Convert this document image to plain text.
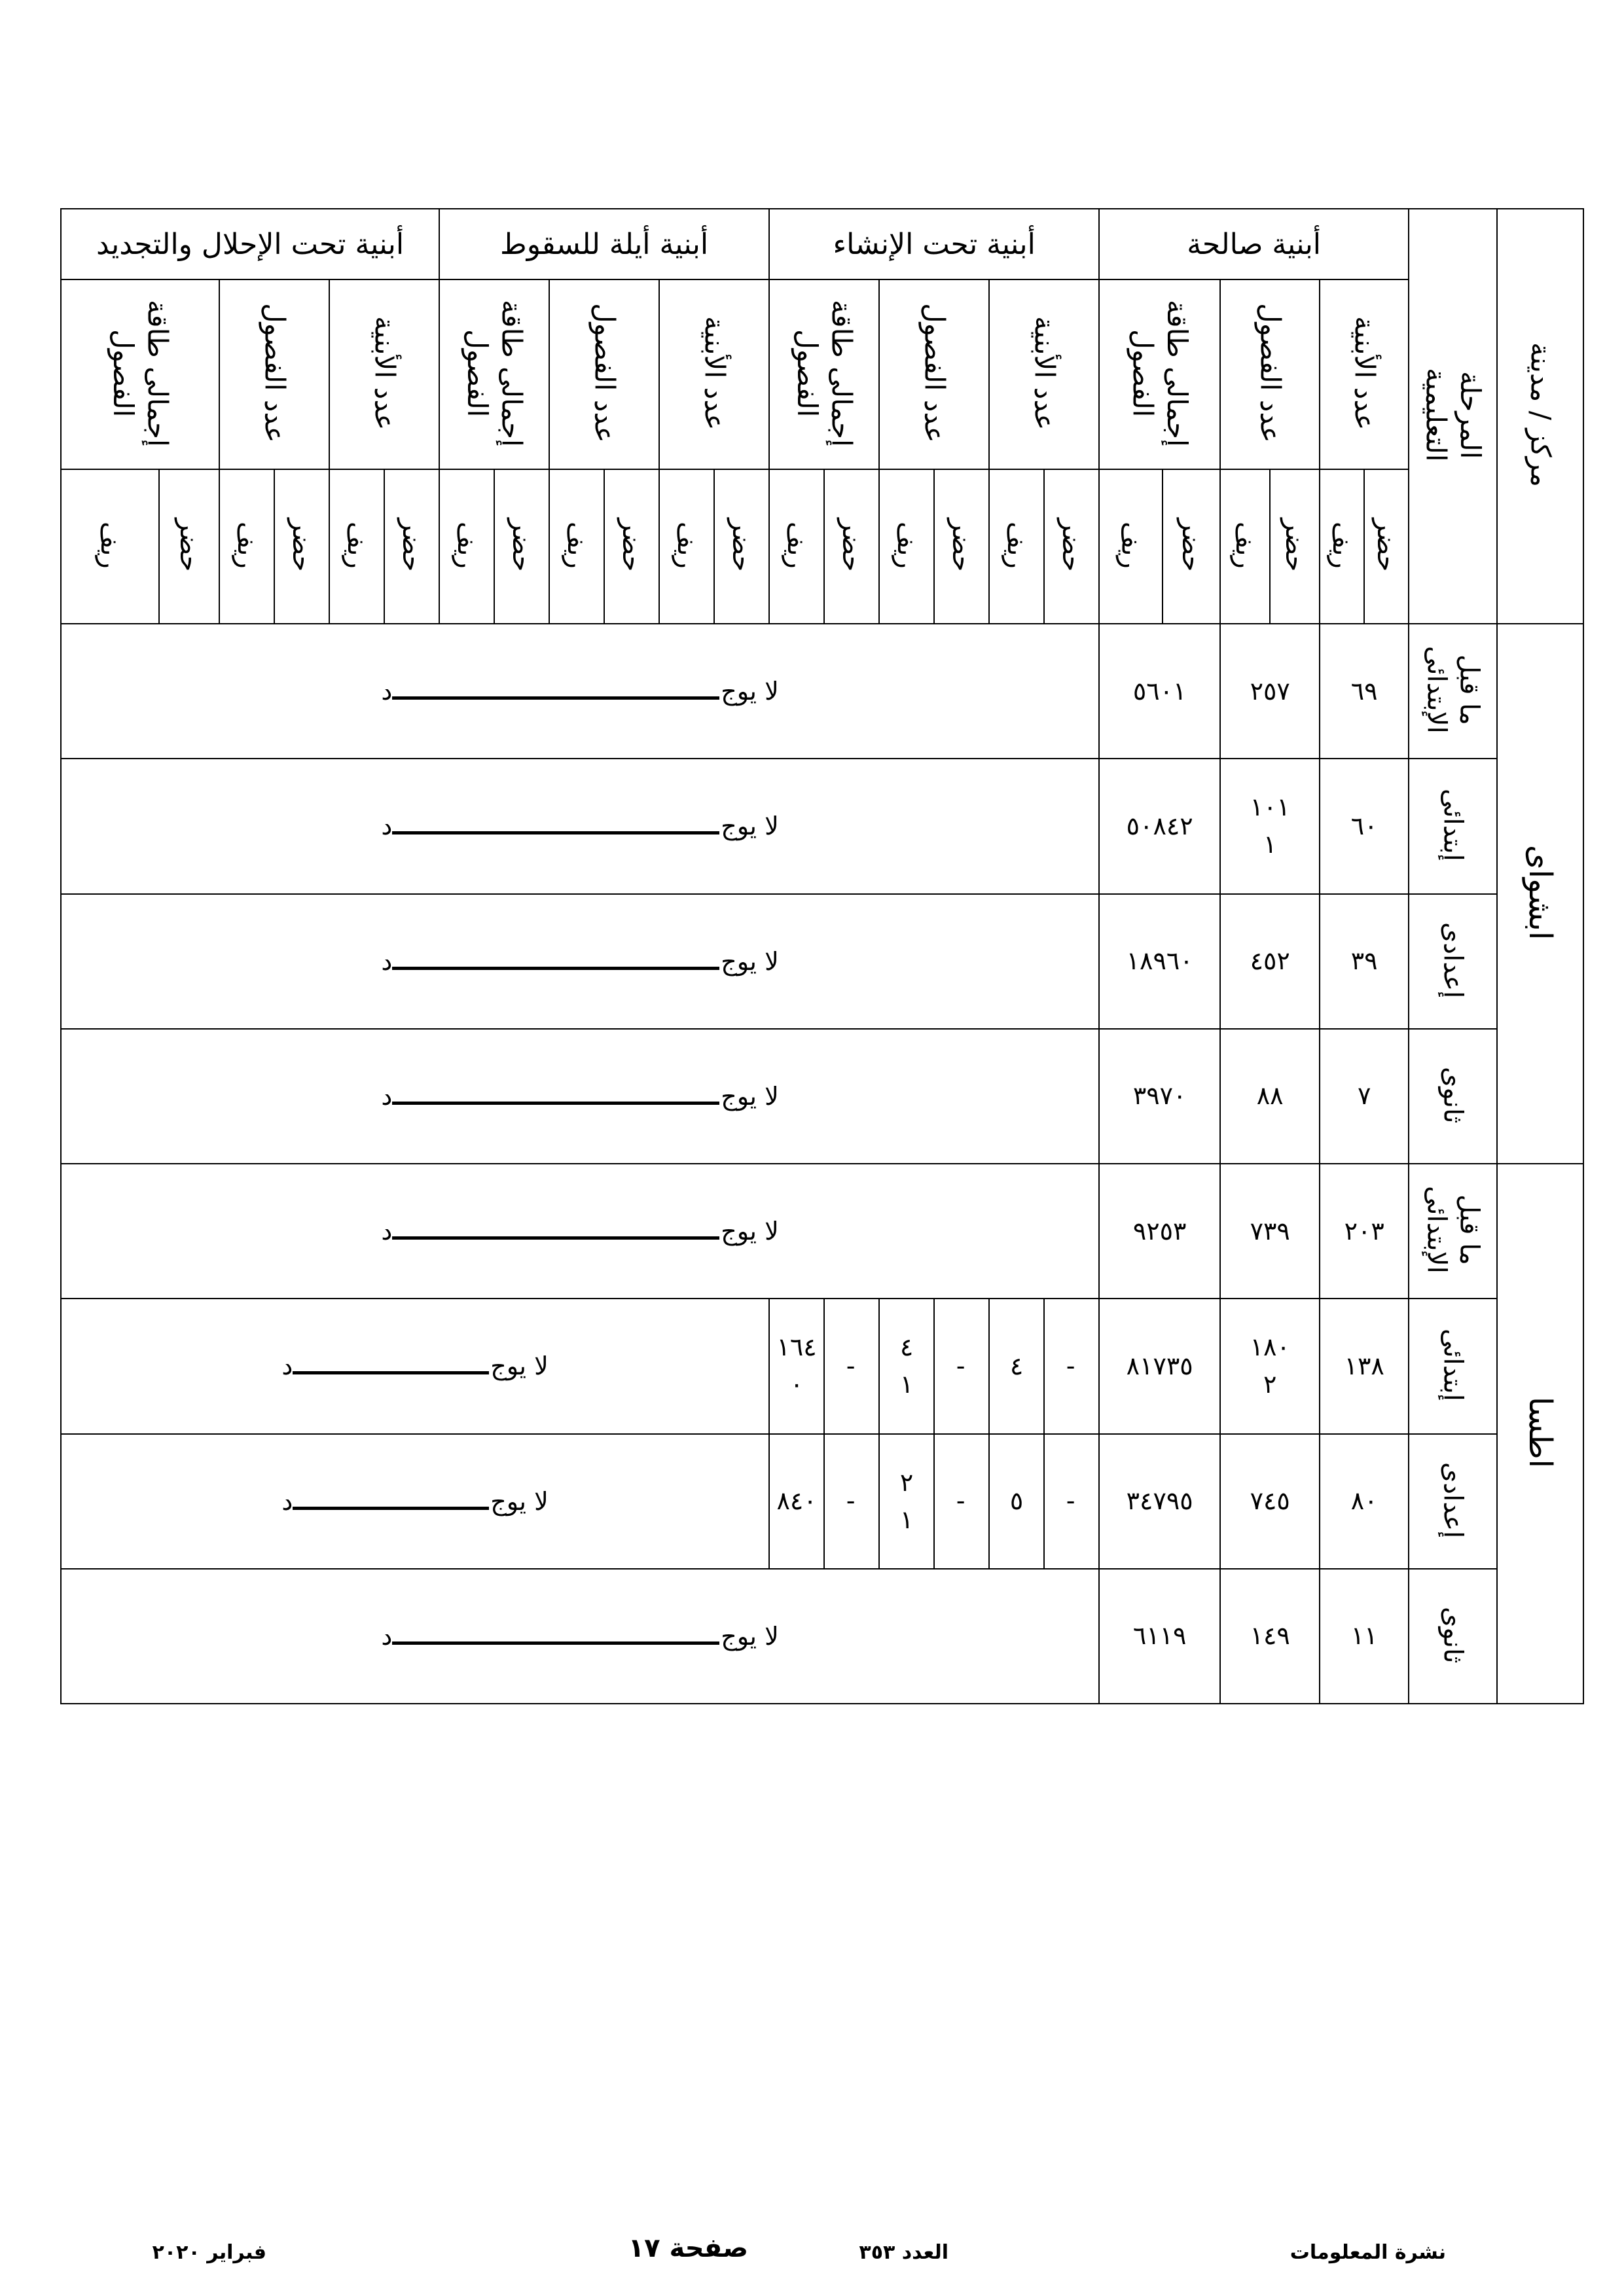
مركز / مدينة	المرحلة التعليمية	أبنية صالحة						أبنية تحت الإنشاء						أبنية أيلة للسقوط						أبنية تحت الإحلال والتجديد					
		عدد الأبنية		عدد الفصول		إجمالى طاقة الفصول		عدد الأبنية		عدد الفصول		إجمالى طاقة الفصول		عدد الأبنية		عدد الفصول		إجمالى طاقة الفصول		عدد الأبنية		عدد الفصول		إجمالى طاقة الفصول	
		حضر	ريف	حضر	ريف	حضر	ريف	حضر	ريف	حضر	ريف	حضر	ريف	حضر	ريف	حضر	ريف	حضر	ريف	حضر	ريف	حضر	ريف	حضر	ريف
ابشواى	ما قبل الإبتدائى	٦٩		٢٥٧		٥٦٠١		لا يوجد																	
	إبتدائى	٦٠		١٠١١		٥٠٨٤٢		لا يوجد																	
	إعدادى	٣٩		٤٥٢		١٨٩٦٠		لا يوجد																	
	ثانوى	٧		٨٨		٣٩٧٠		لا يوجد																	
اطسا	ما قبل الإبتدائى	٢٠٣		٧٣٩		٩٢٥٣		لا يوجد																	
	إبتدائى	١٣٨		١٨٠٢		٨١٧٣٥		-	٤	-	٤١	-	١٦٤٠	لا يوجد											
	إعدادى	٨٠		٧٤٥		٣٤٧٩٥		-	٥	-	٢١	-	٨٤٠	لا يوجد											
	ثانوى	١١		١٤٩		٦١١٩		لا يوجد																	
نشرة المعلومات
العدد ٣٥٣
صفحة ١٧
فبراير ٢٠٢٠
